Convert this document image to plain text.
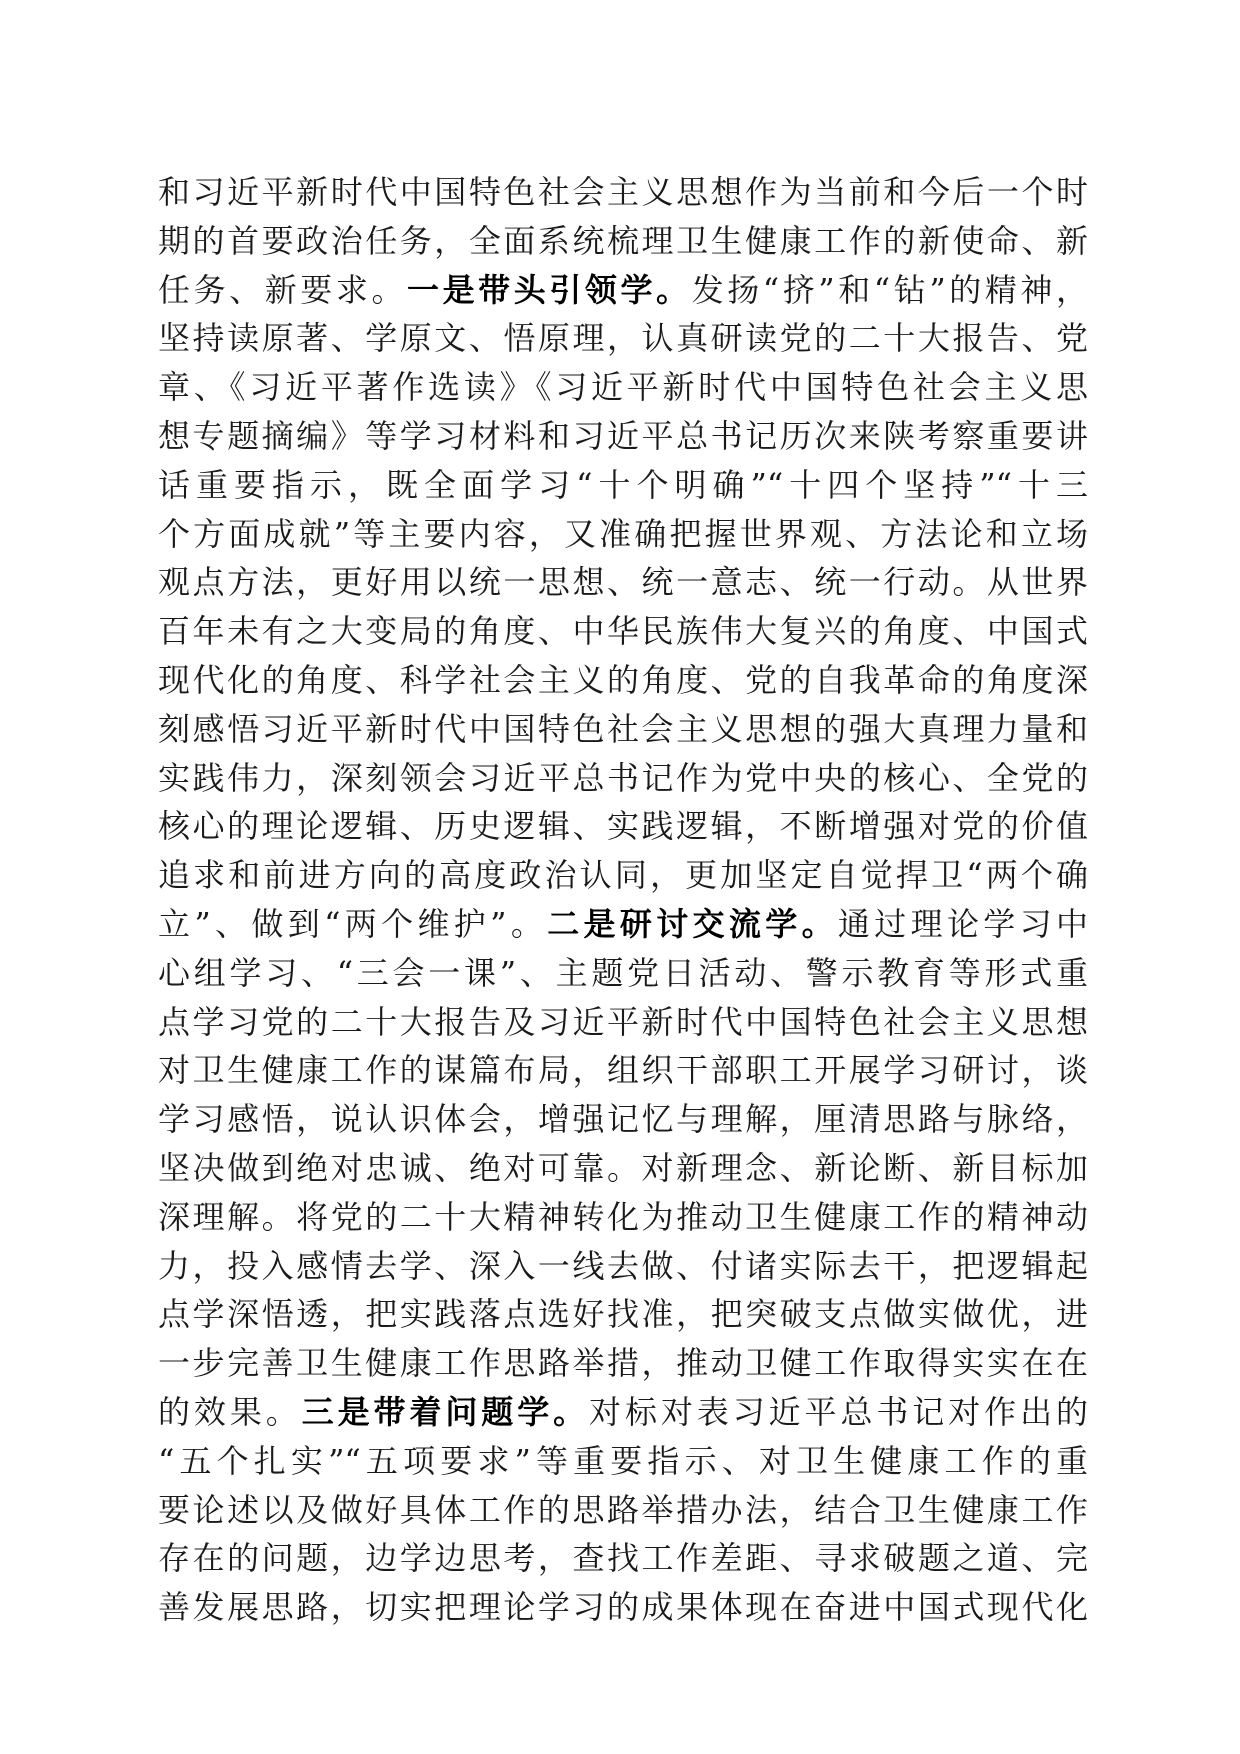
和习近平新时代中国特色社会主义思想作为当前和今后一个时
期的首要政治任务，全面系统梳理卫生健康工作的新使命、新
任务、新要求。一是带头引领学。发扬“挤”和“钻”的精神，
坚持读原著、学原文、悟原理，认真研读党的二十大报告、党
章、《习近平著作选读》《习近平新时代中国特色社会主义思
想专题摘编》等学习材料和习近平总书记历次来陕考察重要讲
话重要指示，既全面学习“十个明确”“十四个坚持”“十三
个方面成就”等主要内容，又准确把握世界观、方法论和立场
观点方法，更好用以统一思想、统一意志、统一行动。从世界
百年未有之大变局的角度、中华民族伟大复兴的角度、中国式
现代化的角度、科学社会主义的角度、党的自我革命的角度深
刻感悟习近平新时代中国特色社会主义思想的强大真理力量和
实践伟力，深刻领会习近平总书记作为党中央的核心、全党的
核心的理论逻辑、历史逻辑、实践逻辑，不断增强对党的价值
追求和前进方向的高度政治认同，更加坚定自觉捍卫“两个确
立”、做到“两个维护”。二是研讨交流学。通过理论学习中
心组学习、“三会一课”、主题党日活动、警示教育等形式重
点学习党的二十大报告及习近平新时代中国特色社会主义思想
对卫生健康工作的谋篇布局，组织干部职工开展学习研讨，谈
学习感悟，说认识体会，增强记忆与理解，厘清思路与脉络，
坚决做到绝对忠诚、绝对可靠。对新理念、新论断、新目标加
深理解。将党的二十大精神转化为推动卫生健康工作的精神动
力，投入感情去学、深入一线去做、付诸实际去干，把逻辑起
点学深悟透，把实践落点选好找准，把突破支点做实做优，进
一步完善卫生健康工作思路举措，推动卫健工作取得实实在在
的效果。三是带着问题学。对标对表习近平总书记对作出的
“五个扎实”“五项要求”等重要指示、对卫生健康工作的重
要论述以及做好具体工作的思路举措办法，结合卫生健康工作
存在的问题，边学边思考，查找工作差距、寻求破题之道、完
善发展思路，切实把理论学习的成果体现在奋进中国式现代化
